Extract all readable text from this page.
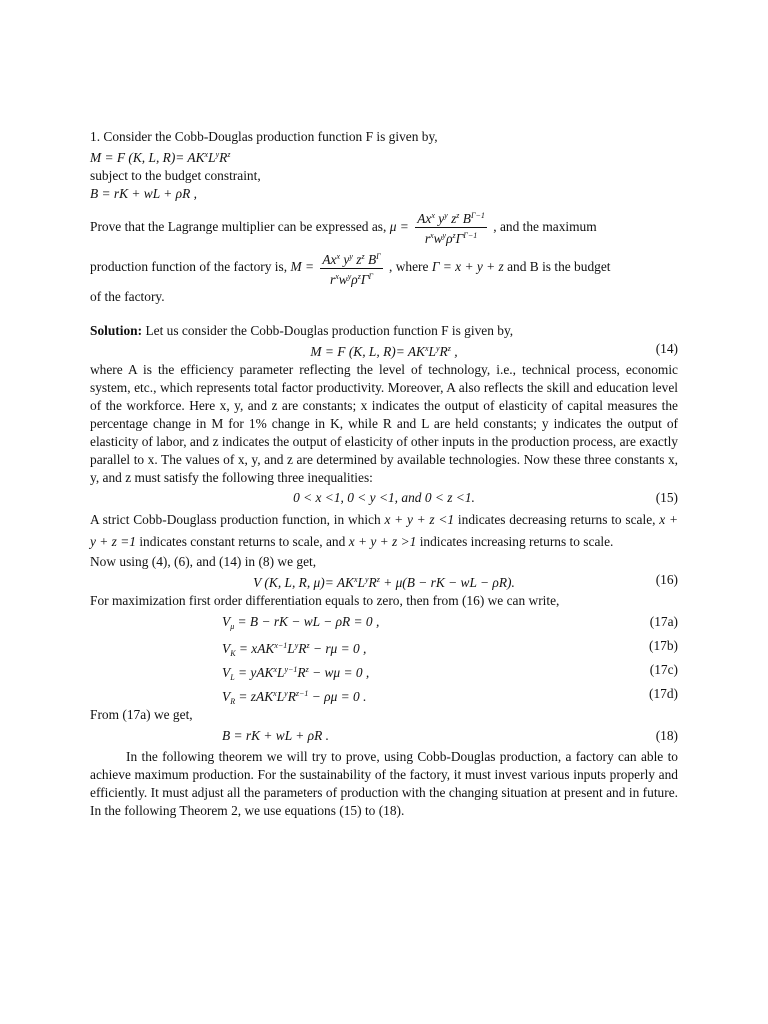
1. Consider the Cobb-Douglas production function F is given by,

M = F (K, L, $R)= AK^xL^yR^z$

subject to the budget constraint,

B = rK + wL + ρR ,

Prove that the Lagrange multiplier can be expressed as, $\mu = \frac{Ax^x y^y z^z B^{\Gamma-1}}{r^xw^y\rho^z\Gamma^{\Gamma-1}}$ , and the maximum

production function of the factory is, $M = \frac{Ax^x y^y z^z B^\Gamma}{r^xw^y\rho^z\Gamma^\Gamma}$ , where Γ = x + y + z and B is the budget

of the factory.

Solution: Let us consider the Cobb-Douglas production function F is given by,

M = F (K, L, $R)= AK^xL^yR^z$ ,	(14)

where A is the efficiency parameter reflecting the level of technology, i.e., technical process, economic system, etc., which represents total factor productivity. Moreover, A also reflects the skill and education level of the workforce. Here x, y, and z are constants; x indicates the output of elasticity of capital measures the percentage change in M for 1% change in K, while R and L are held constants; y indicates the output of elasticity of labor, and z indicates the output of elasticity of other inputs in the production process, are exactly parallel to x. The values of x, y, and z are determined by available technologies. Now these three constants x, y, and z must satisfy the following three inequalities:

0 < x <1, 0 < y <1, and 0 < z <1.	(15)

A strict Cobb-Douglass production function, in which x + y + z <1 indicates decreasing returns to scale, x + y + z =1 indicates constant returns to scale, and x + y + z >1 indicates increasing returns to scale.

Now using (4), (6), and (14) in (8) we get,

V (K, L, R, $\mu)= AK^xL^yR^z + \mu(B$ − rK − wL − ρR).	(16)

For maximization first order differentiation equals to zero, then from (16) we can write,

$V_\mu = B$ − rK − wL − ρR = 0 ,	(17a)
$V_K = xAK^{x-1}L^yR^z - r\mu = 0$ ,	(17b)
$V_L = yAK^xL^{y-1}R^z - w\mu = 0$ ,	(17c)
$V_R = zAK^xL^yR^{z-1} - \rho\mu = 0$ .	(17d)

From (17a) we get,

B = rK + wL + ρR .	(18)

In the following theorem we will try to prove, using Cobb-Douglas production, a factory can able to achieve maximum production. For the sustainability of the factory, it must invest various inputs properly and efficiently. It must adjust all the parameters of production with the changing situation at present and in future. In the following Theorem 2, we use equations (15) to (18).
